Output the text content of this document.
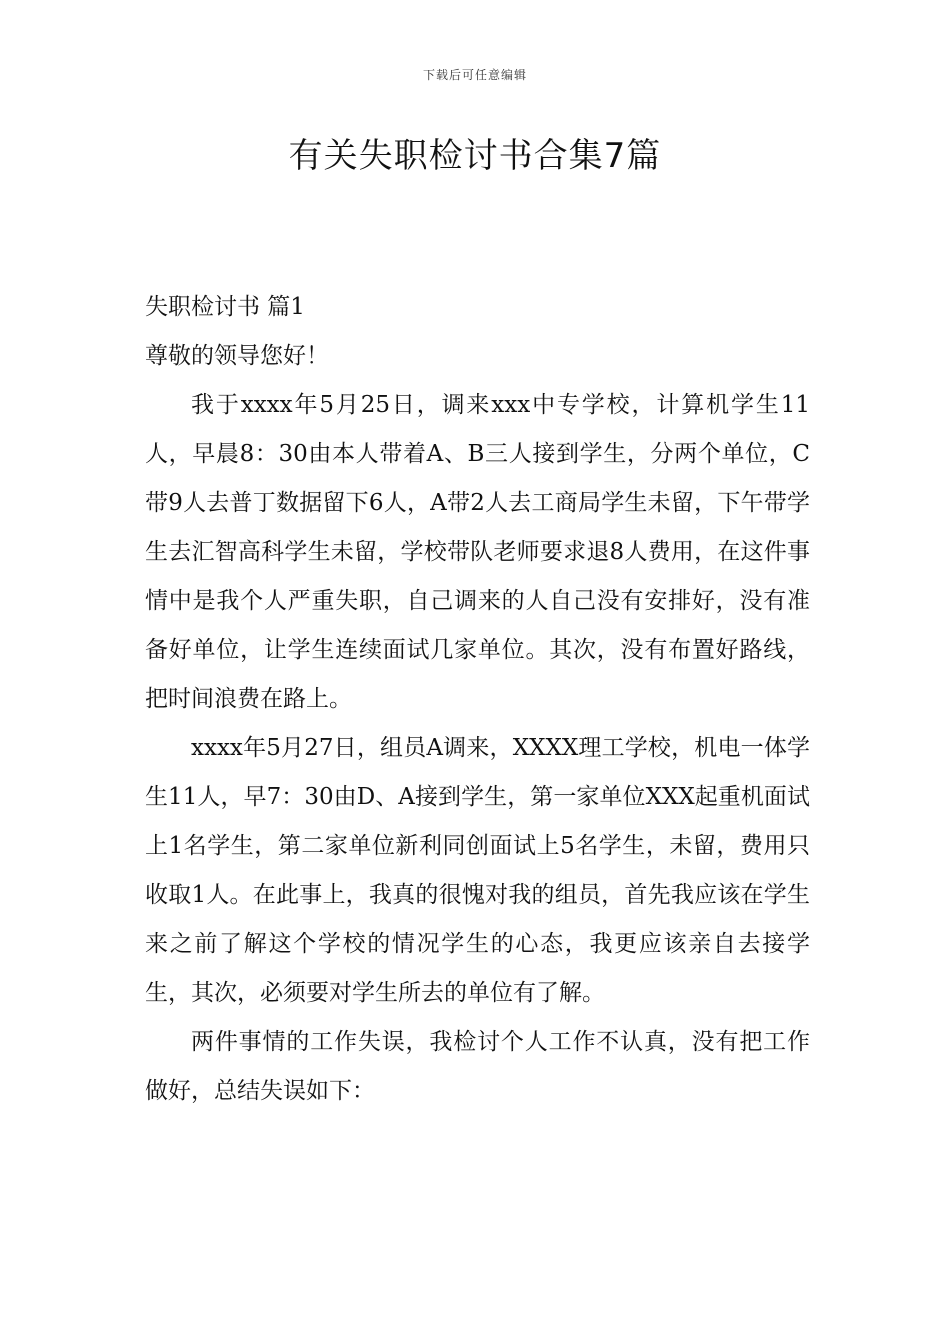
下载后可任意编辑
有关失职检讨书合集7篇

失职检讨书 篇1

尊敬的领导您好！

我于xxxx年5月25日，调来xxx中专学校，计算机学生11人，早晨8：30由本人带着A、B三人接到学生，分两个单位，C带9人去普丁数据留下6人，A带2人去工商局学生未留，下午带学生去汇智高科学生未留，学校带队老师要求退8人费用，在这件事情中是我个人严重失职，自己调来的人自己没有安排好，没有准备好单位，让学生连续面试几家单位。其次，没有布置好路线，把时间浪费在路上。

xxxx年5月27日，组员A调来，XXXX理工学校，机电一体学生11人，早7：30由D、A接到学生，第一家单位XXX起重机面试上1名学生，第二家单位新利同创面试上5名学生，未留，费用只收取1人。在此事上，我真的很愧对我的组员，首先我应该在学生来之前了解这个学校的情况学生的心态，我更应该亲自去接学生，其次，必须要对学生所去的单位有了解。

两件事情的工作失误，我检讨个人工作不认真，没有把工作做好，总结失误如下：
